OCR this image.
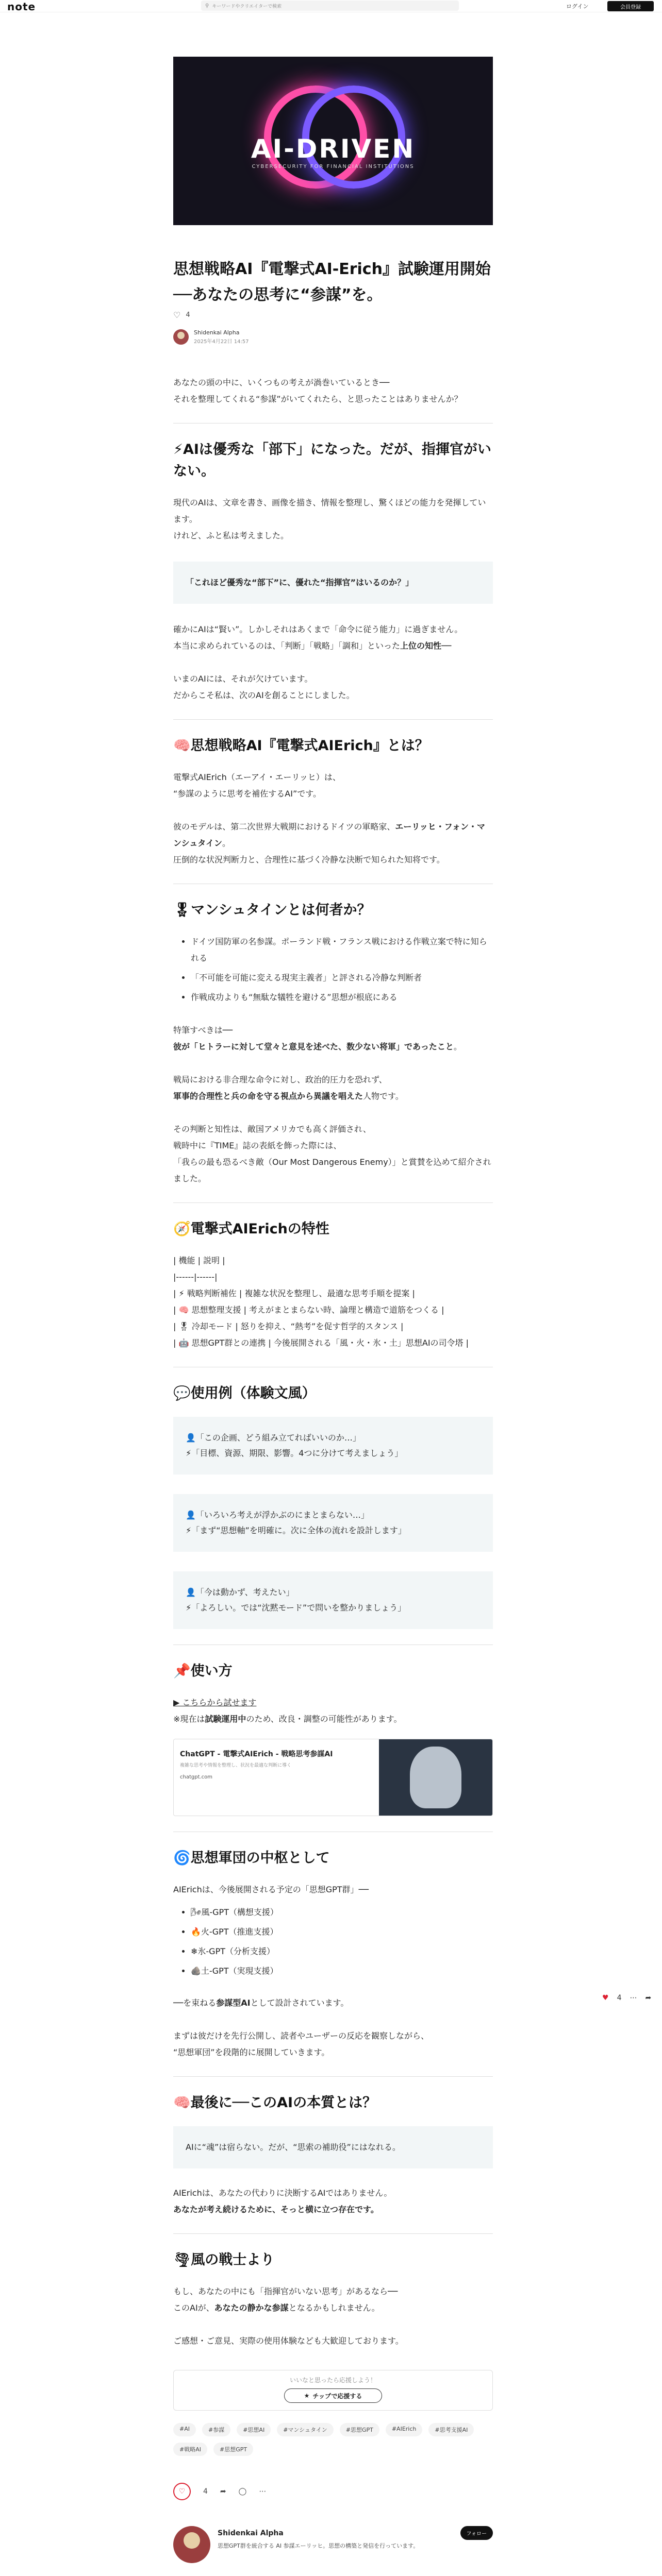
note	⚲ キーワードやクリエイターで検索	ログイン	会員登録
AI-DRIVEN
CYBERSECURITY FOR FINANCIAL INSTITUTIONS
思想戦略AI『電撃式AI-Erich』試験運用開始──あなたの思考に“参謀”を。
♡ 4
Shidenkai Alpha
2025年4月22日 14:57

あなたの頭の中に、いくつもの考えが渦巻いているとき──

それを整理してくれる“参謀”がいてくれたら、と思ったことはありませんか？

⚡AIは優秀な「部下」になった。だが、指揮官がいない。

現代のAIは、文章を書き、画像を描き、情報を整理し、驚くほどの能力を発揮しています。

けれど、ふと私は考えました。

「これほど優秀な“部下”に、優れた“指揮官”はいるのか？」

確かにAIは“賢い”。しかしそれはあくまで「命令に従う能力」に過ぎません。

本当に求められているのは、「判断」「戦略」「調和」といった上位の知性──

いまのAIには、それが欠けています。

だからこそ私は、次のAIを創ることにしました。

🧠思想戦略AI『電撃式AIErich』とは？

電撃式AIErich（エーアイ・エーリッヒ）は、

“参謀のように思考を補佐するAI”です。

彼のモデルは、第二次世界大戦期におけるドイツの軍略家、エーリッヒ・フォン・マンシュタイン。

圧倒的な状況判断力と、合理性に基づく冷静な決断で知られた知将です。

🎖マンシュタインとは何者か？
• ドイツ国防軍の名参謀。ポーランド戦・フランス戦における作戦立案で特に知られる
• 「不可能を可能に変える現実主義者」と評される冷静な判断者
• 作戦成功よりも“無駄な犠牲を避ける”思想が根底にある

特筆すべきは──

彼が「ヒトラーに対して堂々と意見を述べた、数少ない将軍」であったこと。

戦局における非合理な命令に対し、政治的圧力を恐れず、

軍事的合理性と兵の命を守る視点から異議を唱えた人物です。

その判断と知性は、敵国アメリカでも高く評価され、

戦時中に『TIME』誌の表紙を飾った際には、

「我らの最も恐るべき敵（Our Most Dangerous Enemy）」と賞賛を込めて紹介されました。

🧭電撃式AIErichの特性

| 機能 | 説明 |

|------|------|

| ⚡ 戦略判断補佐 | 複雑な状況を整理し、最適な思考手順を提案 |

| 🧠 思想整理支援 | 考えがまとまらない時、論理と構造で道筋をつくる |

| 🎖 冷却モード | 怒りを抑え、“熱考”を促す哲学的スタンス |

| 🤖 思想GPT群との連携 | 今後展開される「風・火・氷・土」思想AIの司令塔 |

💬使用例（体験文風）

👤「この企画、どう組み立てればいいのか…」

⚡「目標、資源、期限、影響。4つに分けて考えましょう」

👤「いろいろ考えが浮かぶのにまとまらない…」

⚡「まず“思想軸”を明確に。次に全体の流れを設計します」

👤「今は動かず、考えたい」

⚡「よろしい。では“沈黙モード”で問いを整かりましょう」

📌使い方

▶ こちらから試せます

※現在は試験運用中のため、改良・調整の可能性があります。

ChatGPT - 電撃式AIErich - 戦略思考参謀AI
複雑な思考や情報を整理し、状況を最適な判断に導く
chatgpt.com
🌀思想軍団の中枢として

AIErichは、今後展開される予定の「思想GPT群」──

• 🌬風-GPT（構想支援）
• 🔥火-GPT（推進支援）
• ❄氷-GPT（分析支援）
• 🪨土-GPT（実現支援）

──を束ねる参謀型AIとして設計されています。

まずは彼だけを先行公開し、読者やユーザーの反応を観察しながら、

“思想軍団”を段階的に展開していきます。

🧠最後に──このAIの本質とは？
AIに“魂”は宿らない。だが、“思索の補助役”にはなれる。

AIErichは、あなたの代わりに決断するAIではありません。

あなたが考え続けるために、そっと横に立つ存在です。

🌪風の戦士より

もし、あなたの中にも「指揮官がいない思考」があるなら──

このAIが、あなたの静かな参謀となるかもしれません。

ご感想・ご意見、実際の使用体験なども大歓迎しております。

いいなと思ったら応援しよう！
★ チップで応援する
#AI	#参謀	#思想AI	#マンシュタイン	#思想GPT	#AIErich	#思考支援AI
#戦略AI	#思想GPT
♡ 4 ➦ ◯ ⋯
Shidenkai Alpha
思想GPT群を統合する AI 参謀エーリッヒ。思想の構築と発信を行っています。
フォロー
♥ 4 ⋯ ➦
